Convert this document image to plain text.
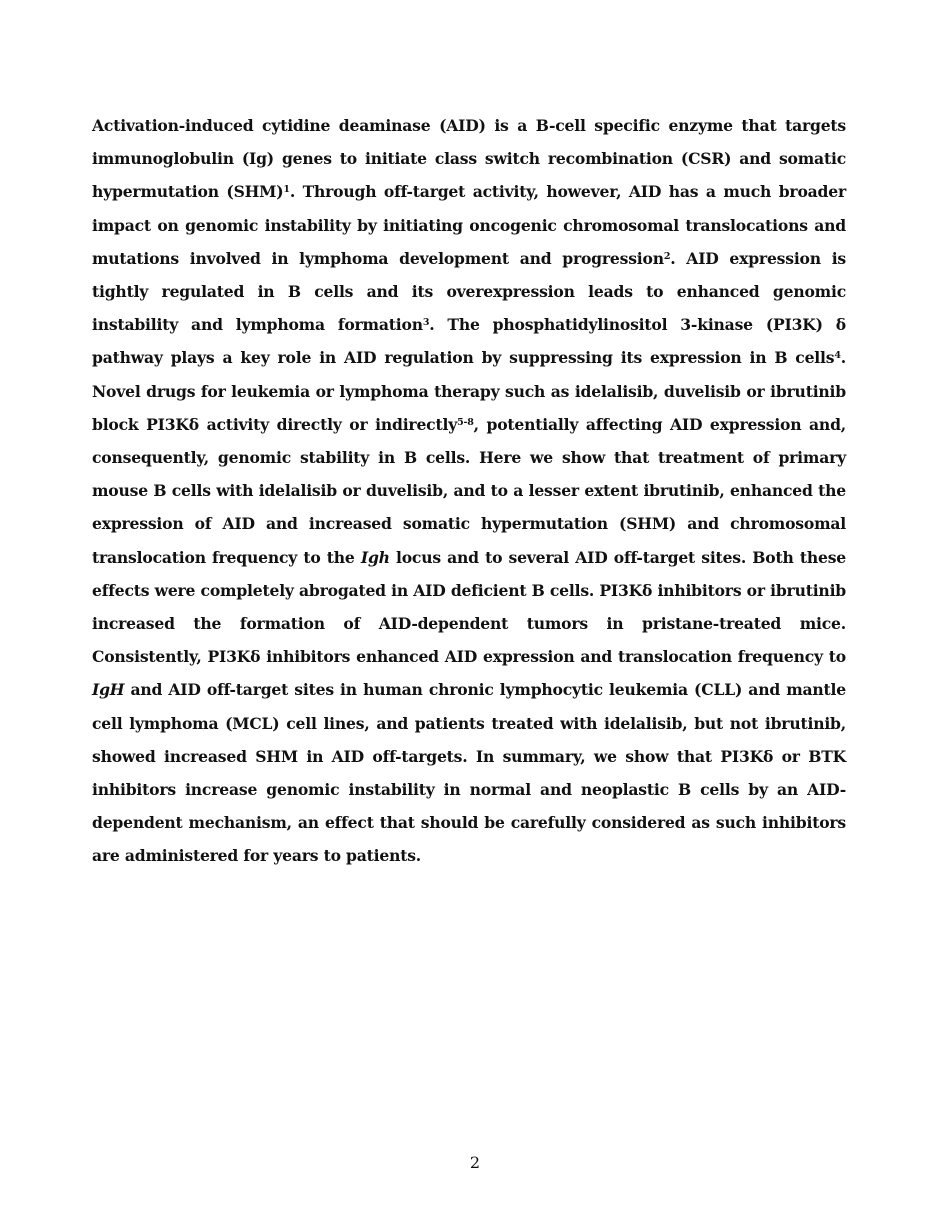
Activation-induced cytidine deaminase (AID) is a B-cell specific enzyme that targets immunoglobulin (Ig) genes to initiate class switch recombination (CSR) and somatic hypermutation (SHM)$^1$. Through off-target activity, however, AID has a much broader impact on genomic instability by initiating oncogenic chromosomal translocations and mutations involved in lymphoma development and progression$^2$. AID expression is tightly regulated in B cells and its overexpression leads to enhanced genomic instability and lymphoma formation$^3$. The phosphatidylinositol 3-kinase (PI3K) δ pathway plays a key role in AID regulation by suppressing its expression in B cells$^4$. Novel drugs for leukemia or lymphoma therapy such as idelalisib, duvelisib or ibrutinib block PI3Kδ activity directly or indirectly$^{5-8}$, potentially affecting AID expression and, consequently, genomic stability in B cells. Here we show that treatment of primary mouse B cells with idelalisib or duvelisib, and to a lesser extent ibrutinib, enhanced the expression of AID and increased somatic hypermutation (SHM) and chromosomal translocation frequency to the Igh locus and to several AID off-target sites. Both these effects were completely abrogated in AID deficient B cells. PI3Kδ inhibitors or ibrutinib increased the formation of AID-dependent tumors in pristane-treated mice. Consistently, PI3Kδ inhibitors enhanced AID expression and translocation frequency to IgH and AID off-target sites in human chronic lymphocytic leukemia (CLL) and mantle cell lymphoma (MCL) cell lines, and patients treated with idelalisib, but not ibrutinib, showed increased SHM in AID off-targets. In summary, we show that PI3Kδ or BTK inhibitors increase genomic instability in normal and neoplastic B cells by an AID-dependent mechanism, an effect that should be carefully considered as such inhibitors are administered for years to patients.

2
